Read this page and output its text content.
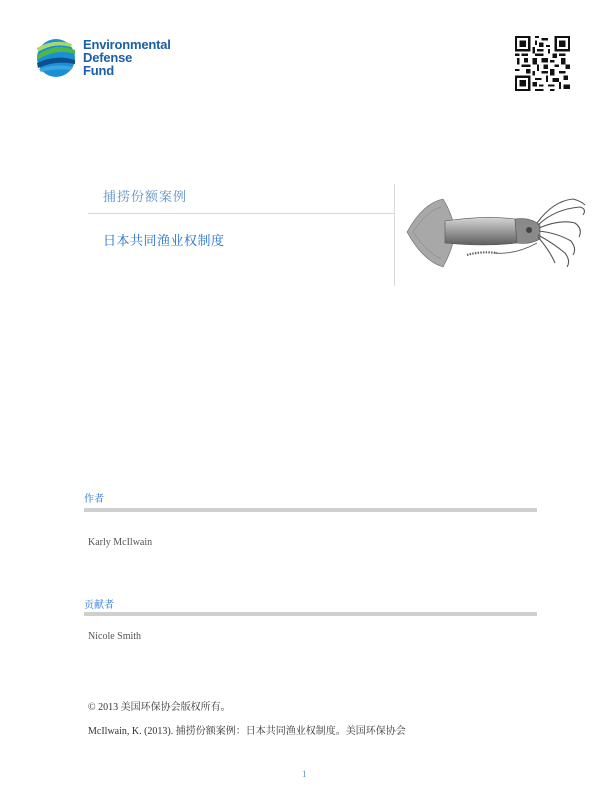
Environmental
Defense
Fund
捕捞份额案例
日本共同渔业权制度
作者
Karly McIlwain
贡献者
Nicole Smith
© 2013 美国环保协会版权所有。
McIlwain, K. (2013). 捕捞份额案例：日本共同渔业权制度。美国环保协会
1
